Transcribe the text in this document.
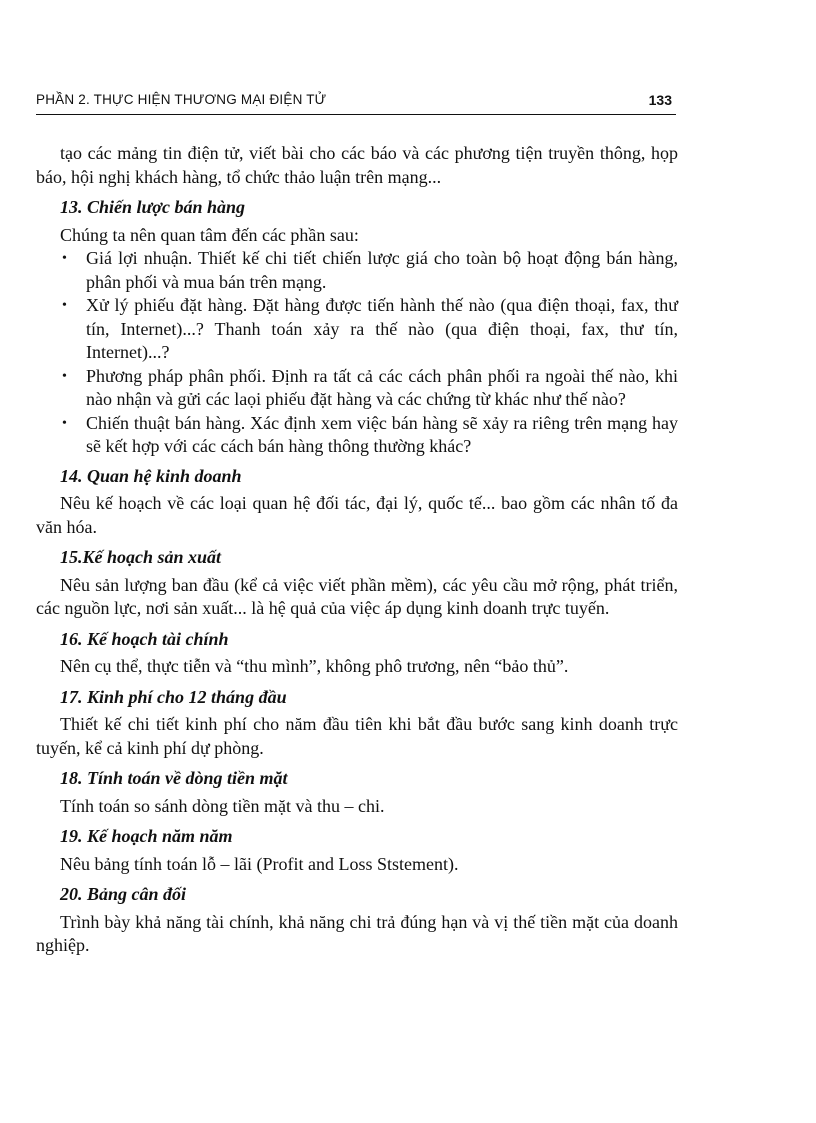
PHẦN 2. THỰC HIỆN THƯƠNG MẠI ĐIỆN TỬ	133

tạo các mảng tin điện tử, viết bài cho các báo và các phương tiện truyền thông, họp báo, hội nghị khách hàng, tổ chức thảo luận trên mạng...

13. Chiến lược bán hàng

Chúng ta nên quan tâm đến các phần sau:

• Giá lợi nhuận. Thiết kế chi tiết chiến lược giá cho toàn bộ hoạt động bán hàng, phân phối và mua bán trên mạng.
• Xử lý phiếu đặt hàng. Đặt hàng được tiến hành thế nào (qua điện thoại, fax, thư tín, Internet)...? Thanh toán xảy ra thế nào (qua điện thoại, fax, thư tín, Internet)...?
• Phương pháp phân phối. Định ra tất cả các cách phân phối ra ngoài thế nào, khi nào nhận và gửi các laọi phiếu đặt hàng và các chứng từ khác như thế nào?
• Chiến thuật bán hàng. Xác định xem việc bán hàng sẽ xảy ra riêng trên mạng hay sẽ kết hợp với các cách bán hàng thông thường khác?
14. Quan hệ kinh doanh

Nêu kế hoạch về các loại quan hệ đối tác, đại lý, quốc tế... bao gồm các nhân tố đa văn hóa.

15.Kế hoạch sản xuất

Nêu sản lượng ban đầu (kể cả việc viết phần mềm), các yêu cầu mở rộng, phát triển, các nguồn lực, nơi sản xuất... là hệ quả của việc áp dụng kinh doanh trực tuyến.

16. Kế hoạch tài chính

Nên cụ thể, thực tiễn và “thu mình”, không phô trương, nên “bảo thủ”.

17. Kinh phí cho 12 tháng đầu

Thiết kế chi tiết kinh phí cho năm đầu tiên khi bắt đầu bước sang kinh doanh trực tuyến, kể cả kinh phí dự phòng.

18. Tính toán về dòng tiền mặt

Tính toán so sánh dòng tiền mặt và thu – chi.

19. Kế hoạch năm năm

Nêu bảng tính toán lỗ – lãi (Profit and Loss Ststement).

20. Bảng cân đối

Trình bày khả năng tài chính, khả năng chi trả đúng hạn và vị thế tiền mặt của doanh nghiệp.
